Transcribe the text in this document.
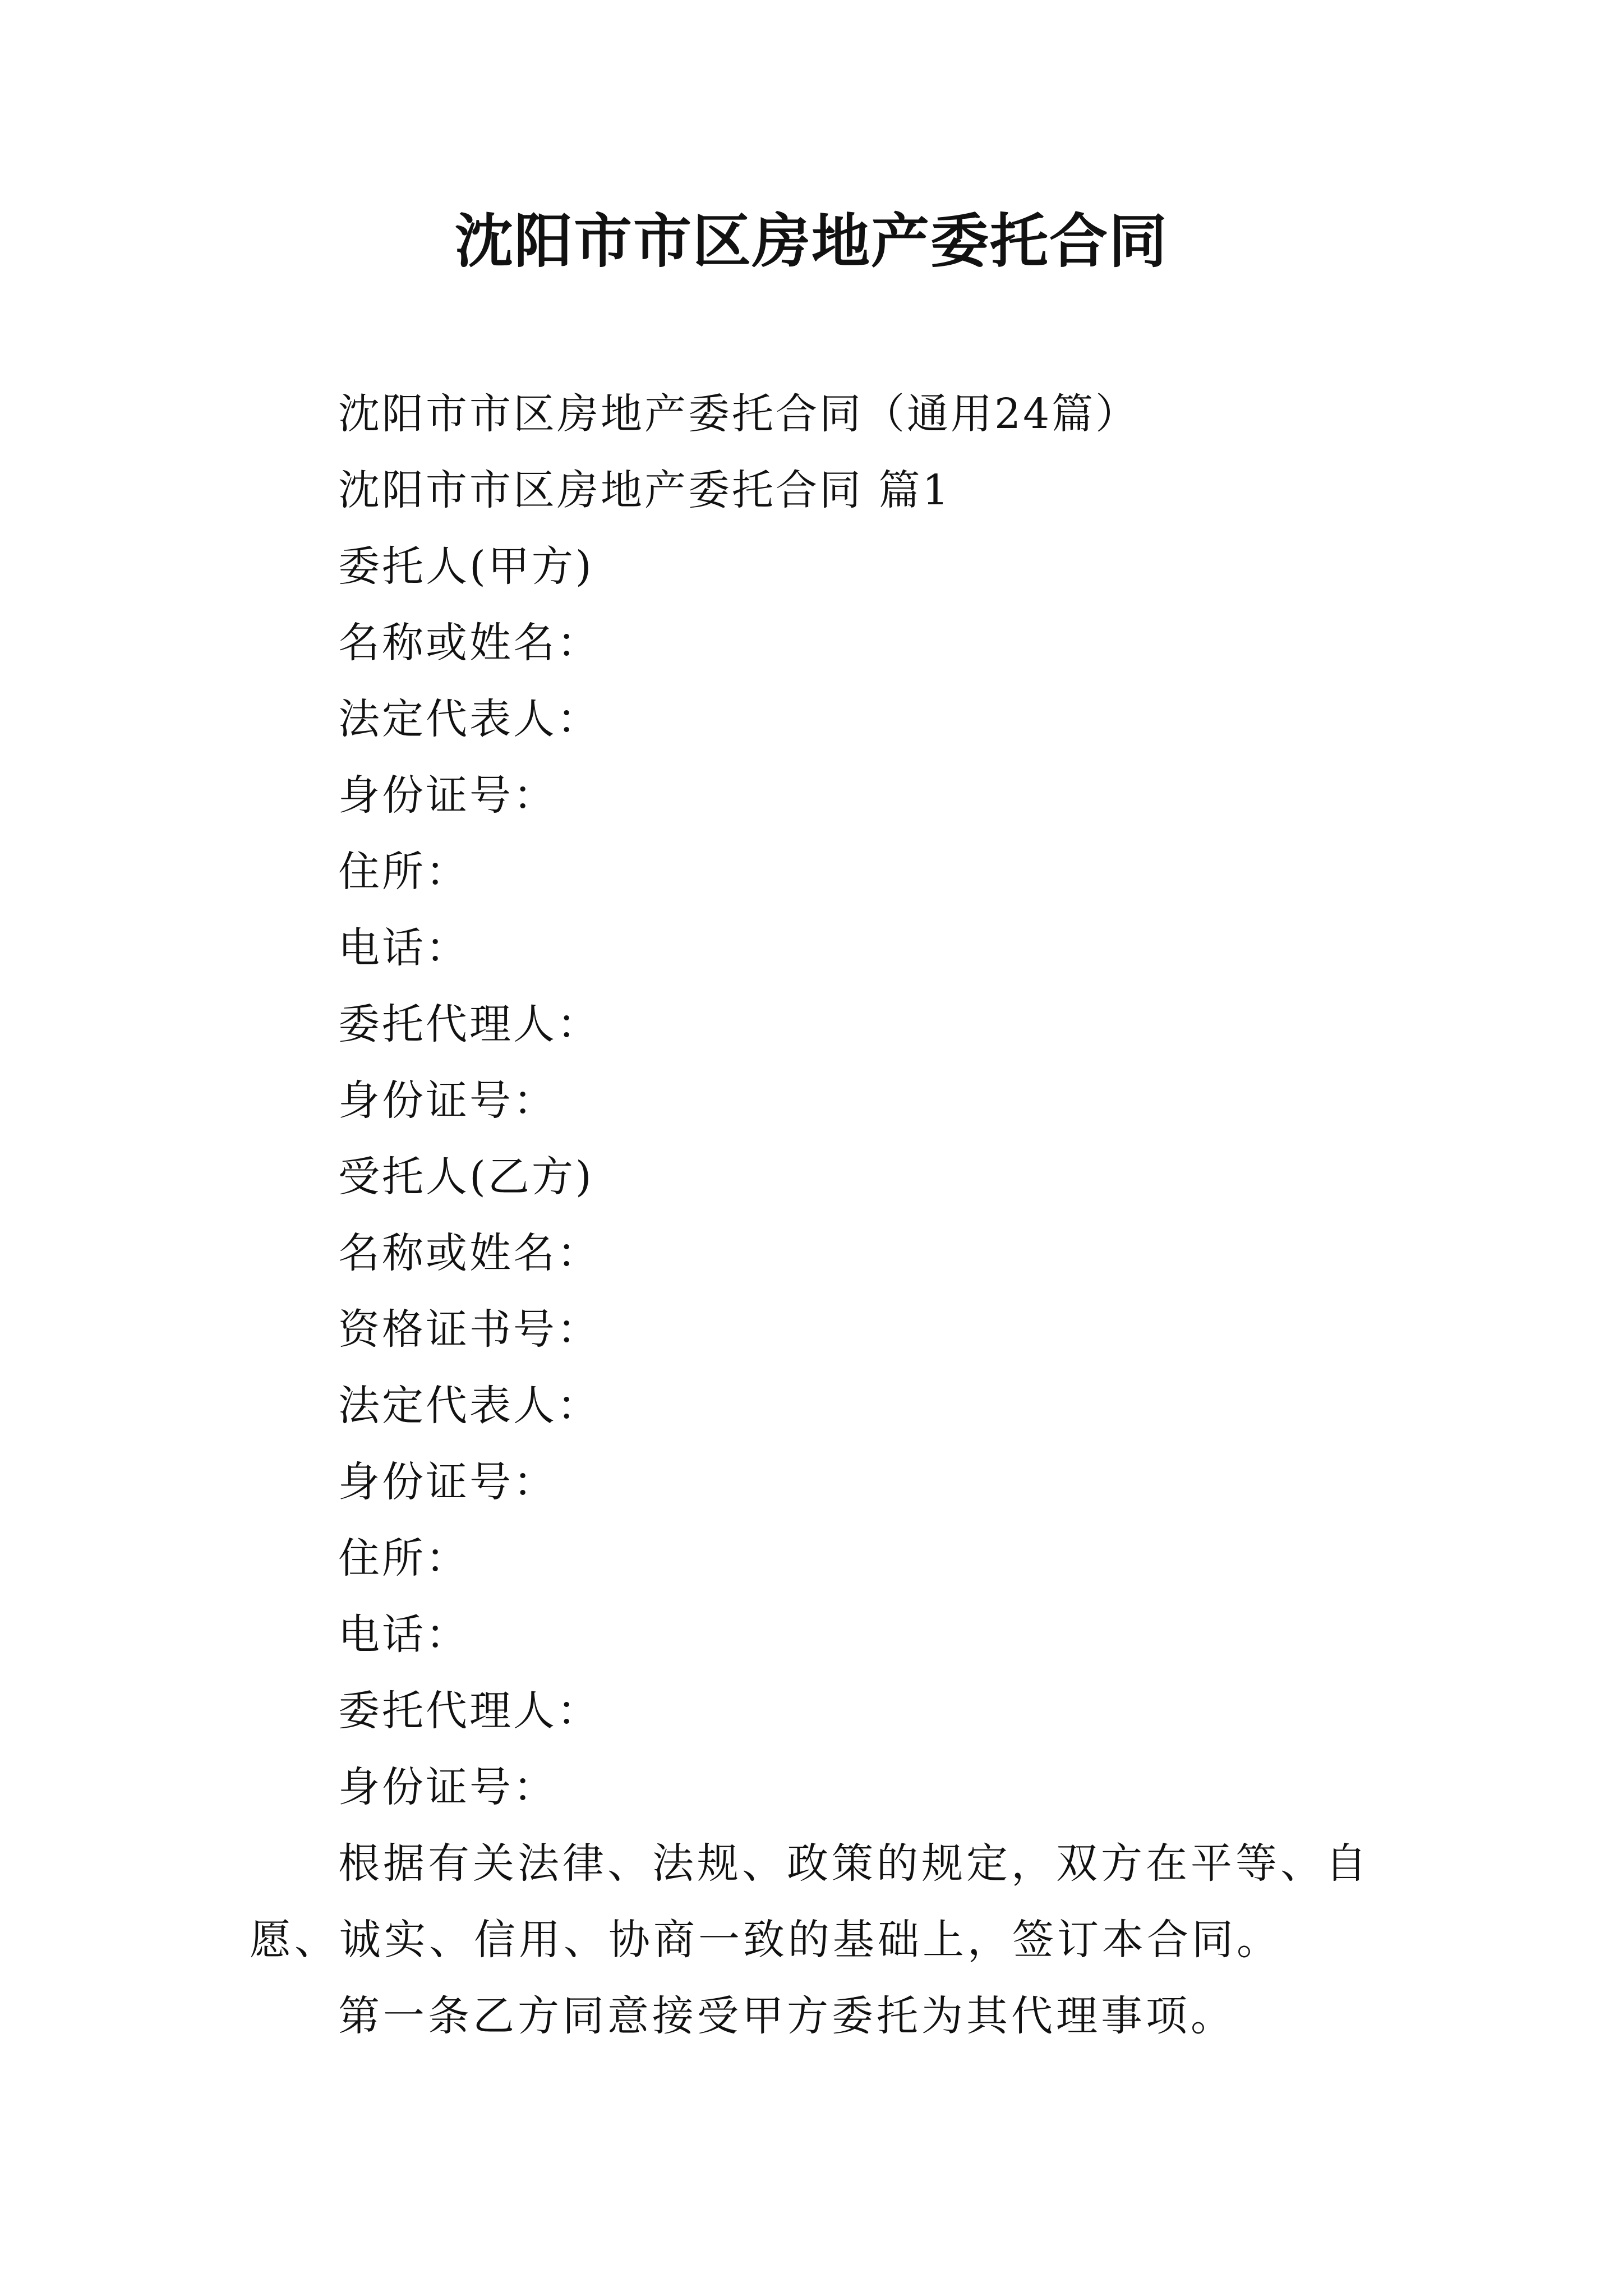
沈阳市市区房地产委托合同

沈阳市市区房地产委托合同（通用24篇）

沈阳市市区房地产委托合同 篇1

委托人(甲方)

名称或姓名：

法定代表人：

身份证号：

住所：

电话：

委托代理人：

身份证号：

受托人(乙方)

名称或姓名：

资格证书号：

法定代表人：

身份证号：

住所：

电话：

委托代理人：

身份证号：

根据有关法律、法规、政策的规定，双方在平等、自愿、诚实、信用、协商一致的基础上，签订本合同。

第一条乙方同意接受甲方委托为其代理事项。
